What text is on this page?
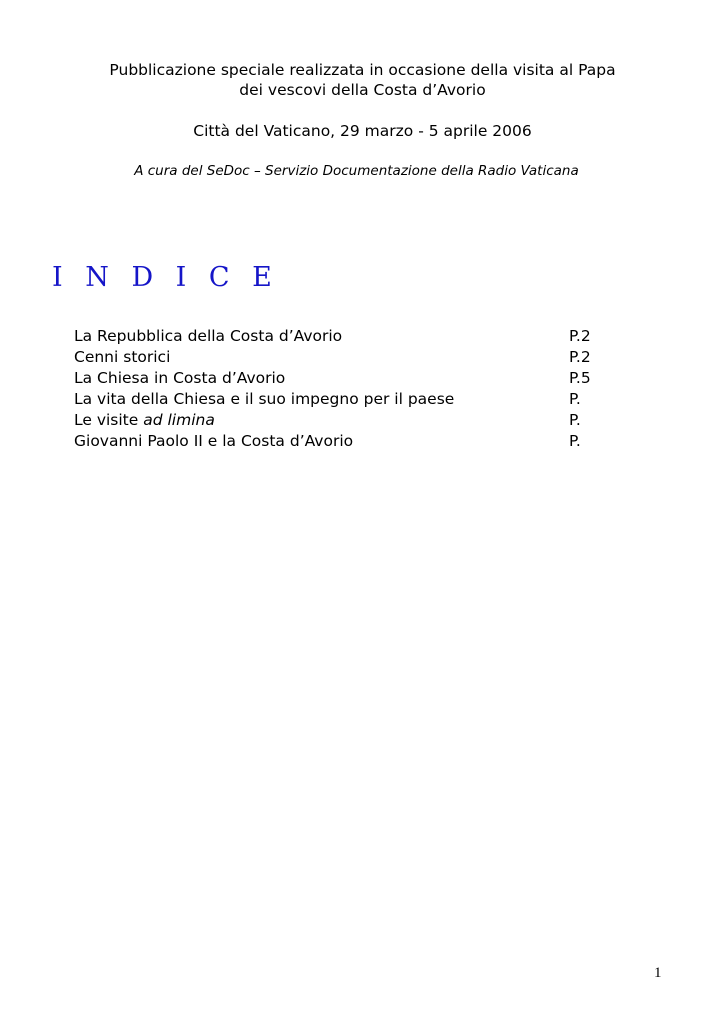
Pubblicazione speciale realizzata in occasione della visita al Papa

dei vescovi della Costa d’Avorio

Città del Vaticano, 29 marzo - 5 aprile 2006

A cura del SeDoc – Servizio Documentazione della Radio Vaticana

I N D I C E
La Repubblica della Costa d’Avorio	P.2
Cenni storici	P.2
La Chiesa in Costa d’Avorio	P.5
La vita della Chiesa e il suo impegno per il paese	P.
Le visite ad limina	P.
Giovanni Paolo II e la Costa d’Avorio	P.

1
